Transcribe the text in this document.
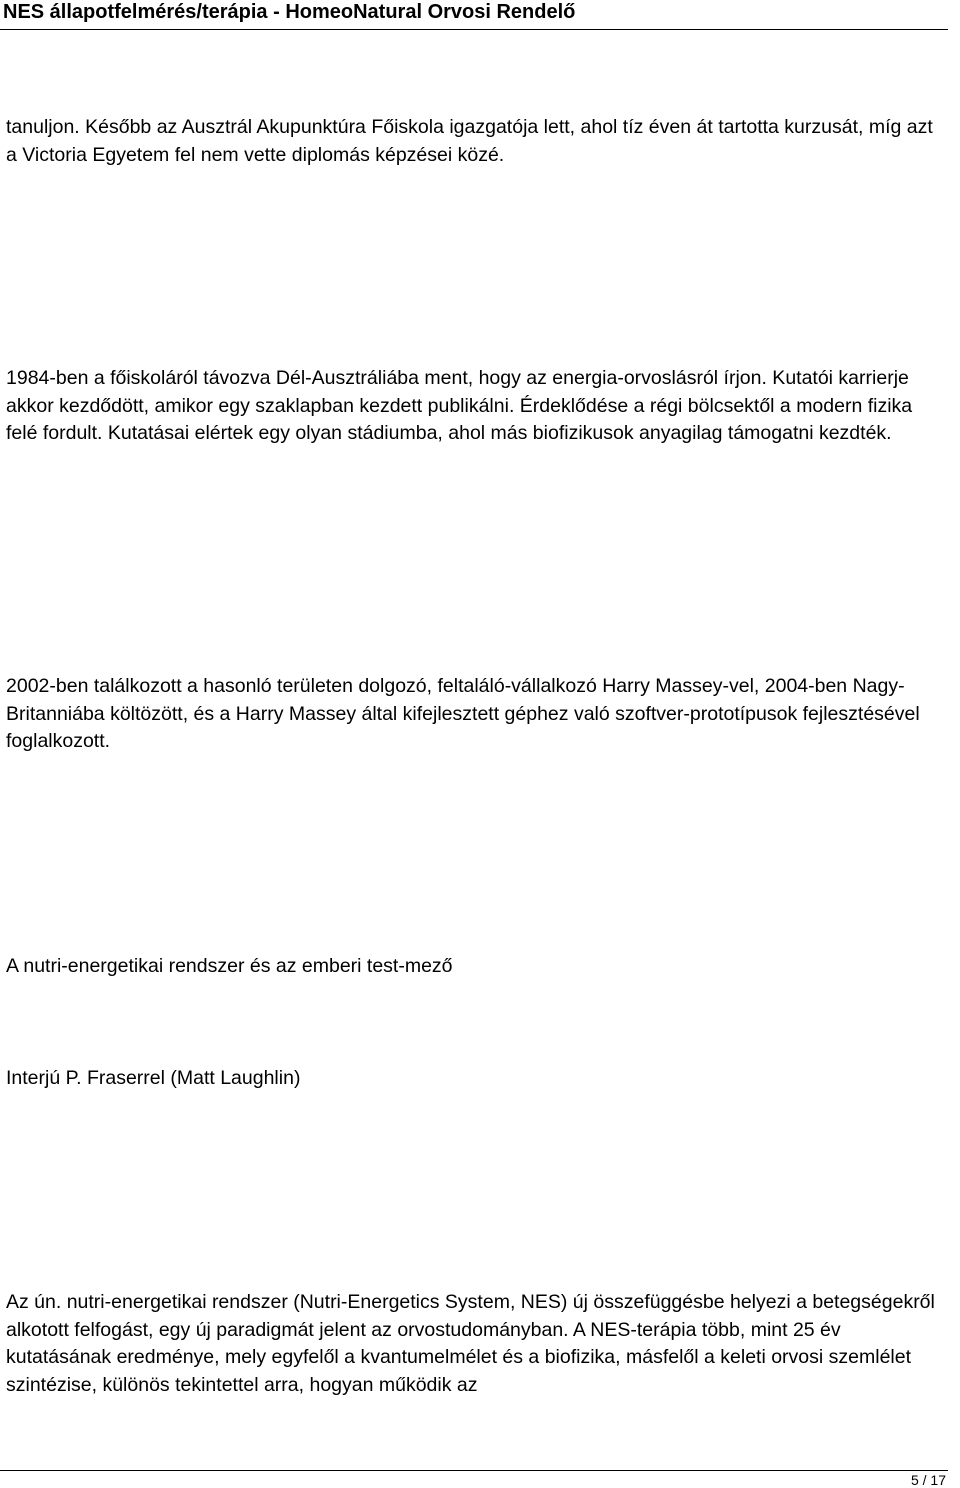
NES állapotfelmérés/terápia - HomeoNatural Orvosi Rendelő

tanuljon. Később az Ausztrál Akupunktúra Főiskola igazgatója lett, ahol tíz éven át tartotta kurzusát, míg azt a Victoria Egyetem fel nem vette diplomás képzései közé.

1984-ben a főiskoláról távozva Dél-Ausztráliába ment, hogy az energia-orvoslásról írjon. Kutatói karrierje akkor kezdődött, amikor egy szaklapban kezdett publikálni. Érdeklődése a régi bölcsektől a modern fizika felé fordult. Kutatásai elértek egy olyan stádiumba, ahol más biofizikusok anyagilag támogatni kezdték.

2002-ben találkozott a hasonló területen dolgozó, feltaláló-vállalkozó Harry Massey-vel, 2004-ben Nagy-Britanniába költözött, és a Harry Massey által kifejlesztett géphez való szoftver-prototípusok fejlesztésével foglalkozott.

A nutri-energetikai rendszer és az emberi test-mező

Interjú P. Fraserrel (Matt Laughlin)

Az ún. nutri-energetikai rendszer (Nutri-Energetics System, NES) új összefüggésbe helyezi a betegségekről alkotott felfogást, egy új paradigmát jelent az orvostudományban. A NES-terápia több, mint 25 év kutatásának eredménye, mely egyfelől a kvantumelmélet és a biofizika, másfelől a keleti orvosi szemlélet szintézise, különös tekintettel arra, hogyan működik az

5 / 17
